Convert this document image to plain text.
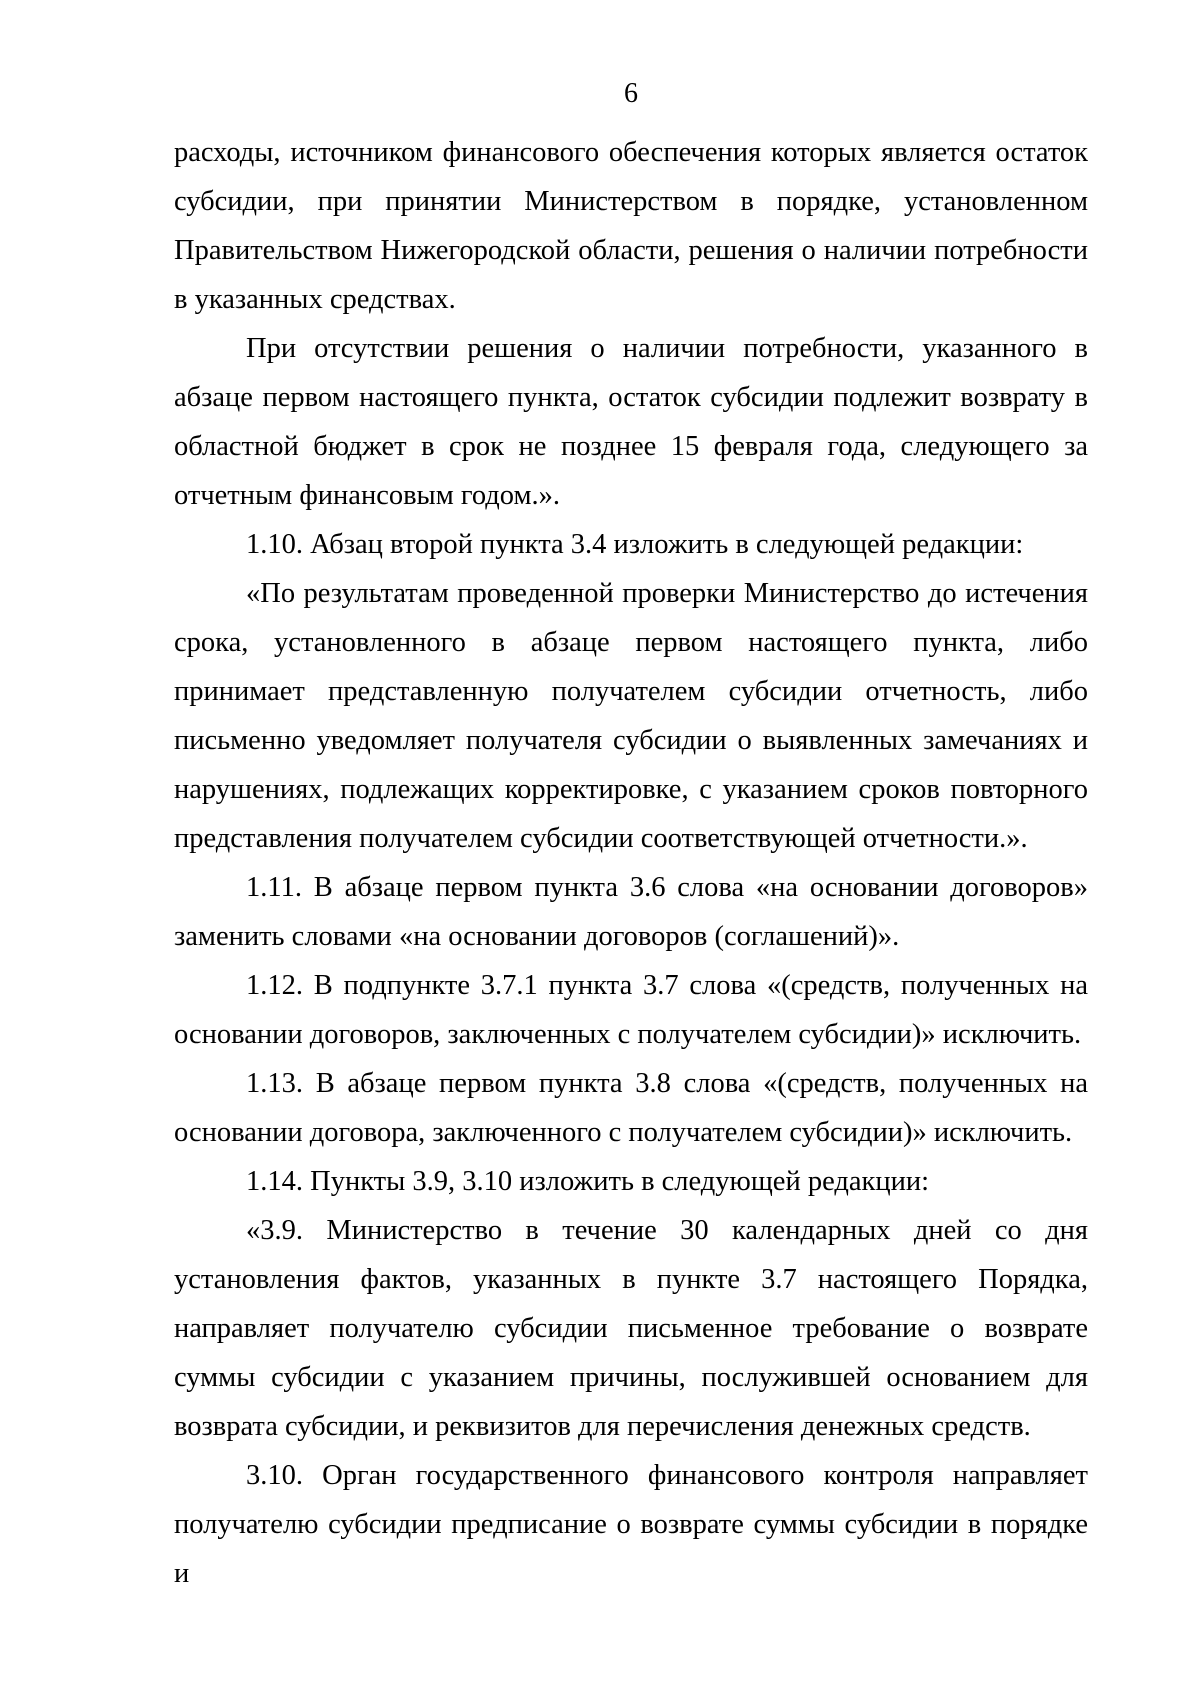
6

расходы, источником финансового обеспечения которых является остаток субсидии, при принятии Министерством в порядке, установленном Правительством Нижегородской области, решения о наличии потребности в указанных средствах.

При отсутствии решения о наличии потребности, указанного в абзаце первом настоящего пункта, остаток субсидии подлежит возврату в областной бюджет в срок не позднее 15 февраля года, следующего за отчетным финансовым годом.».

1.10. Абзац второй пункта 3.4 изложить в следующей редакции:

«По результатам проведенной проверки Министерство до истечения срока, установленного в абзаце первом настоящего пункта, либо принимает представленную получателем субсидии отчетность, либо письменно уведомляет получателя субсидии о выявленных замечаниях и нарушениях, подлежащих корректировке, с указанием сроков повторного представления получателем субсидии соответствующей отчетности.».

1.11. В абзаце первом пункта 3.6 слова «на основании договоров» заменить словами «на основании договоров (соглашений)».

1.12. В подпункте 3.7.1 пункта 3.7 слова «(средств, полученных на основании договоров, заключенных с получателем субсидии)» исключить.

1.13. В абзаце первом пункта 3.8 слова «(средств, полученных на основании договора, заключенного с получателем субсидии)» исключить.

1.14. Пункты 3.9, 3.10 изложить в следующей редакции:

«3.9. Министерство в течение 30 календарных дней со дня установления фактов, указанных в пункте 3.7 настоящего Порядка, направляет получателю субсидии письменное требование о возврате суммы субсидии с указанием причины, послужившей основанием для возврата субсидии, и реквизитов для перечисления денежных средств.

3.10. Орган государственного финансового контроля направляет получателю субсидии предписание о возврате суммы субсидии в порядке и
